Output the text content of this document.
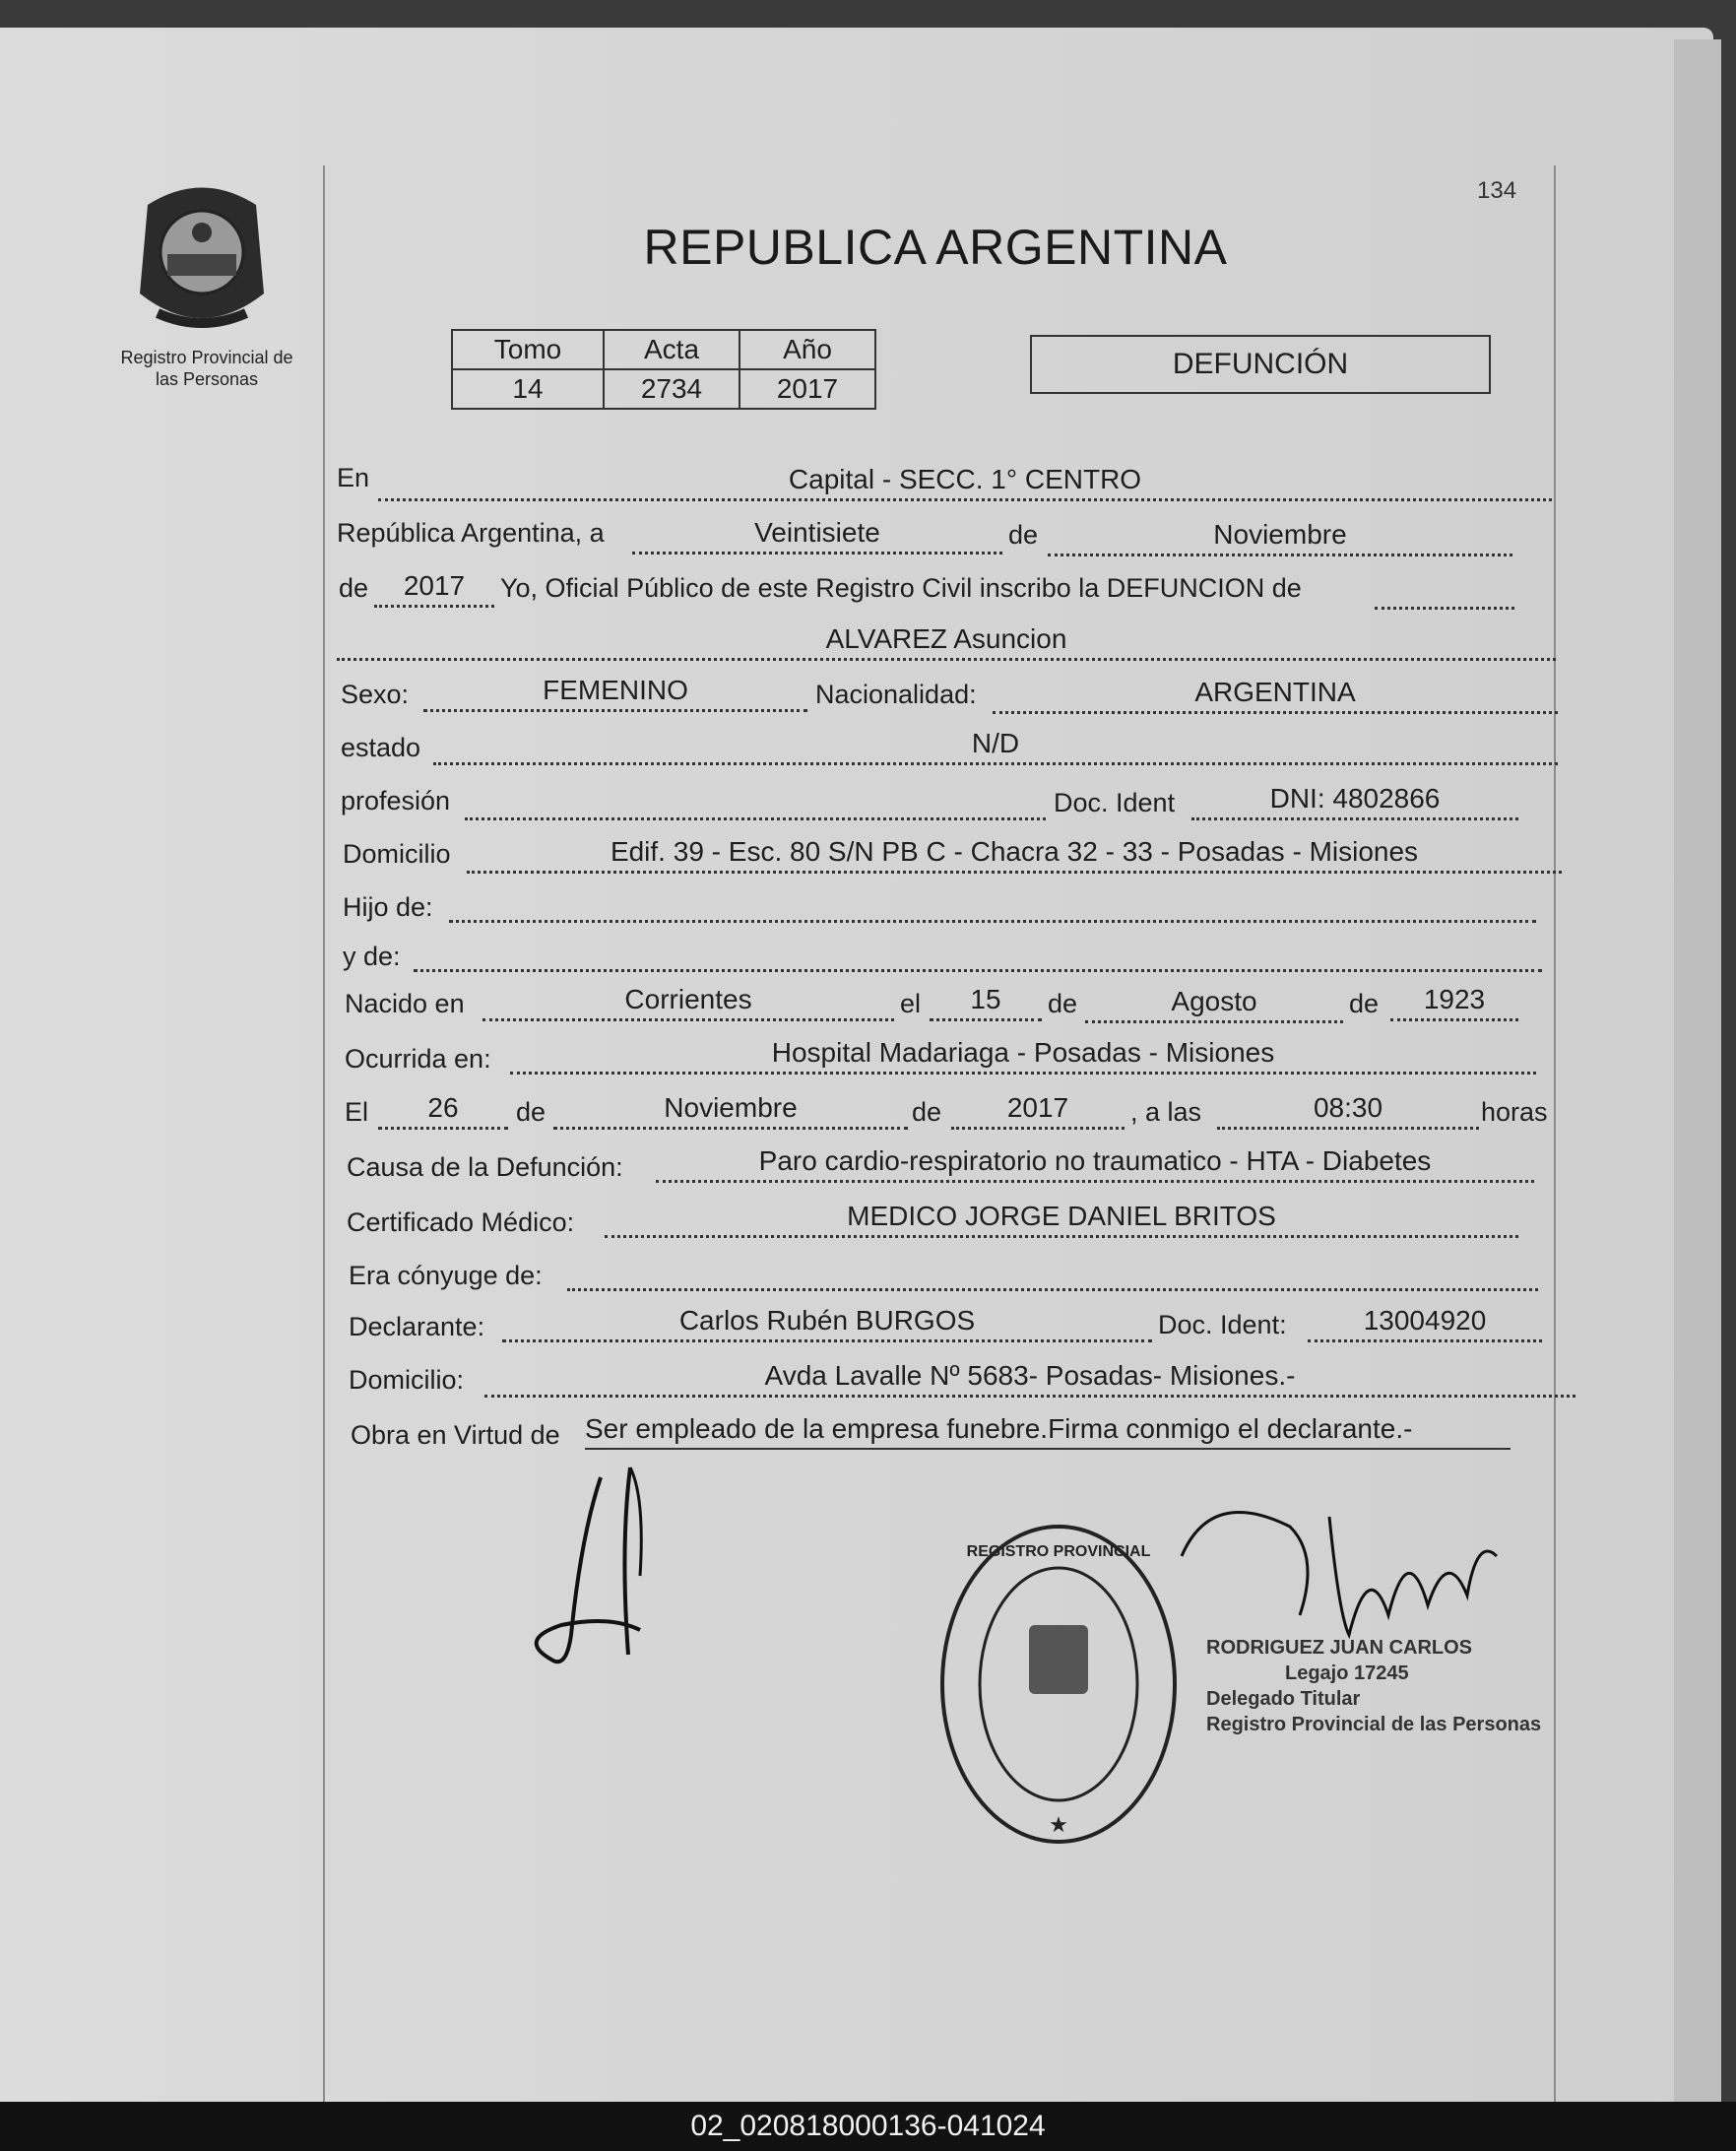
Registro Provincial de
las Personas
134
REPUBLICA ARGENTINA
Tomo	Acta	Año
14	2734	2017
DEFUNCIÓN
En	Capital - SECC. 1° CENTRO
República Argentina, a	Veintisiete	de	Noviembre
de	2017	Yo, Oficial Público de este Registro Civil inscribo la DEFUNCION de
ALVAREZ Asuncion
Sexo:	FEMENINO	Nacionalidad:	ARGENTINA
estado	N/D
profesión	Doc. Ident	DNI: 4802866
Domicilio	Edif. 39 - Esc. 80 S/N PB C - Chacra 32 - 33 - Posadas - Misiones
Hijo de:
y de:
Nacido en	Corrientes	el	15	de	Agosto	de	1923
Ocurrida en:	Hospital Madariaga - Posadas - Misiones
El	26	de	Noviembre	de	2017	, a las	08:30	horas
Causa de la Defunción:	Paro cardio-respiratorio no traumatico - HTA - Diabetes
Certificado Médico:	MEDICO JORGE DANIEL BRITOS
Era cónyuge de:
Declarante:	Carlos Rubén BURGOS	Doc. Ident:	13004920
Domicilio:	Avda Lavalle Nº 5683- Posadas- Misiones.-
Obra en Virtud de Ser empleado de la empresa funebre.Firma conmigo el declarante.-
REGISTRO PROVINCIAL
★
RODRIGUEZ JUAN CARLOS
Legajo 17245
Delegado Titular
Registro Provincial de las Personas
02_020818000136-041024
